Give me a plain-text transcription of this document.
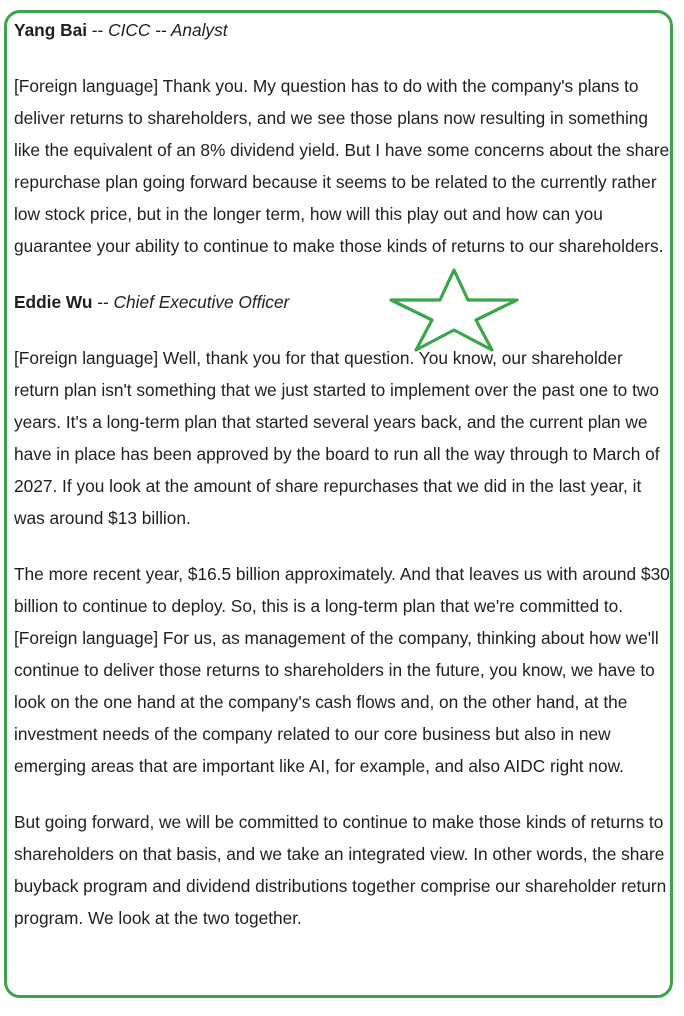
Yang Bai -- CICC -- Analyst

[Foreign language] Thank you. My question has to do with the company's plans to deliver returns to shareholders, and we see those plans now resulting in something like the equivalent of an 8% dividend yield. But I have some concerns about the share repurchase plan going forward because it seems to be related to the currently rather low stock price, but in the longer term, how will this play out and how can you guarantee your ability to continue to make those kinds of returns to our shareholders.

Eddie Wu -- Chief Executive Officer

[Foreign language] Well, thank you for that question. You know, our shareholder return plan isn't something that we just started to implement over the past one to two years. It's a long-term plan that started several years back, and the current plan we have in place has been approved by the board to run all the way through to March of 2027. If you look at the amount of share repurchases that we did in the last year, it was around $13 billion.

The more recent year, $16.5 billion approximately. And that leaves us with around $30 billion to continue to deploy. So, this is a long-term plan that we're committed to. [Foreign language] For us, as management of the company, thinking about how we'll continue to deliver those returns to shareholders in the future, you know, we have to look on the one hand at the company's cash flows and, on the other hand, at the investment needs of the company related to our core business but also in new emerging areas that are important like AI, for example, and also AIDC right now.

But going forward, we will be committed to continue to make those kinds of returns to shareholders on that basis, and we take an integrated view. In other words, the share buyback program and dividend distributions together comprise our shareholder return program. We look at the two together.
